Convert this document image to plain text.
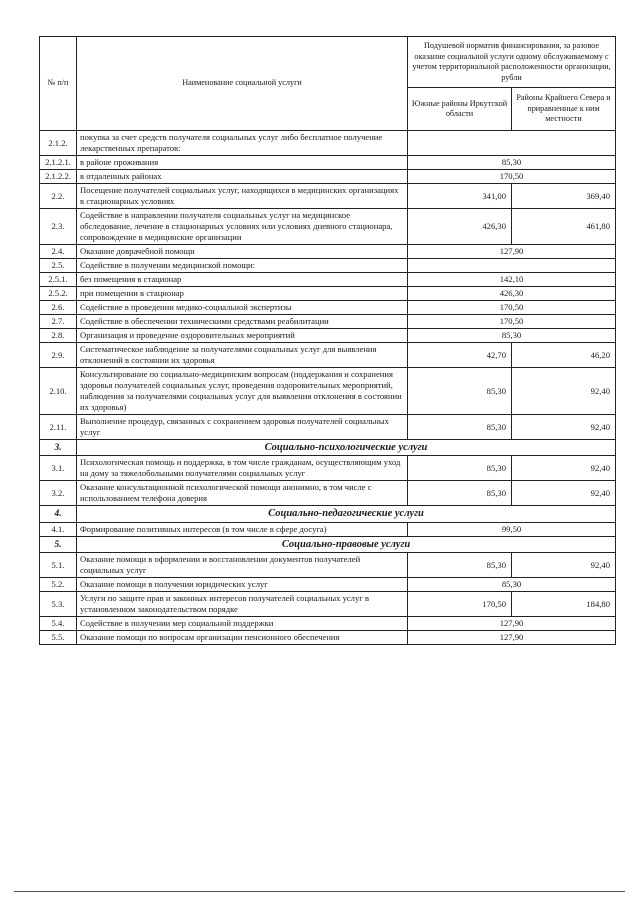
№ п/п	Наименование социальной услуги	Подушевой норматив финансирования, за разовое оказание социальной услуги одному обслуживаемому с учетом территориальной расположенности организации, рубли	
		Южные районы Иркутской области	Районы Крайнего Севера и приравненные к ним местности
2.1.2.	покупка за счет средств получателя социальных услуг либо бесплатное получение лекарственных препаратов:		
2.1.2.1.	в районе проживания	85,30	
2.1.2.2.	в отдаленных районах	170,50	
2.2.	Посещение получателей социальных услуг, находящихся в медицинских организациях в стационарных условиях	341,00	369,40
2.3.	Содействие в направлении получателя социальных услуг на медицинское обследование, лечение в стационарных условиях или условиях дневного стационара, сопровождение в медицинские организации	426,30	461,80
2.4.	Оказание доврачебной помощи	127,90	
2.5.	Содействие в получении медицинской помощи:		
2.5.1.	без помещения в стационар	142,10	
2.5.2.	при помещении в стационар	426,30	
2.6.	Содействие в проведении медико-социальной экспертизы	170,50	
2.7.	Содействие в обеспечении техническими средствами реабилитации	170,50	
2.8.	Организация и проведение оздоровительных мероприятий	85,30	
2.9.	Систематическое наблюдение за получателями социальных услуг для выявления отклонений в состоянии их здоровья	42,70	46,20
2.10.	Консультирование по социально-медицинским вопросам (поддержания и сохранения здоровья получателей социальных услуг, проведения оздоровительных мероприятий, наблюдения за получателями социальных услуг для выявления отклонения в состоянии их здоровья)	85,30	92,40
2.11.	Выполнение процедур, связанных с сохранением здоровья получателей социальных услуг	85,30	92,40
3.	Социально-психологические услуги		
3.1.	Психологическая помощь и поддержка, в том числе гражданам, осуществляющим уход на дому за тяжелобольными получателями социальных услуг	85,30	92,40
3.2.	Оказание консультационной психологической помощи анонимно, в том числе с использованием телефона доверия	85,30	92,40
4.	Социально-педагогические услуги		
4.1.	Формирование позитивных интересов (в том числе в сфере досуга)	99,50	
5.	Социально-правовые услуги		
5.1.	Оказание помощи в оформлении и восстановлении документов получателей социальных услуг	85,30	92,40
5.2.	Оказание помощи в получении юридических услуг	85,30	
5.3.	Услуги по защите прав и законных интересов получателей социальных услуг в установленном законодательством порядке	170,50	184,80
5.4.	Содействие в получении мер социальной поддержки	127,90	
5.5.	Оказание помощи по вопросам организации пенсионного обеспечения	127,90	
